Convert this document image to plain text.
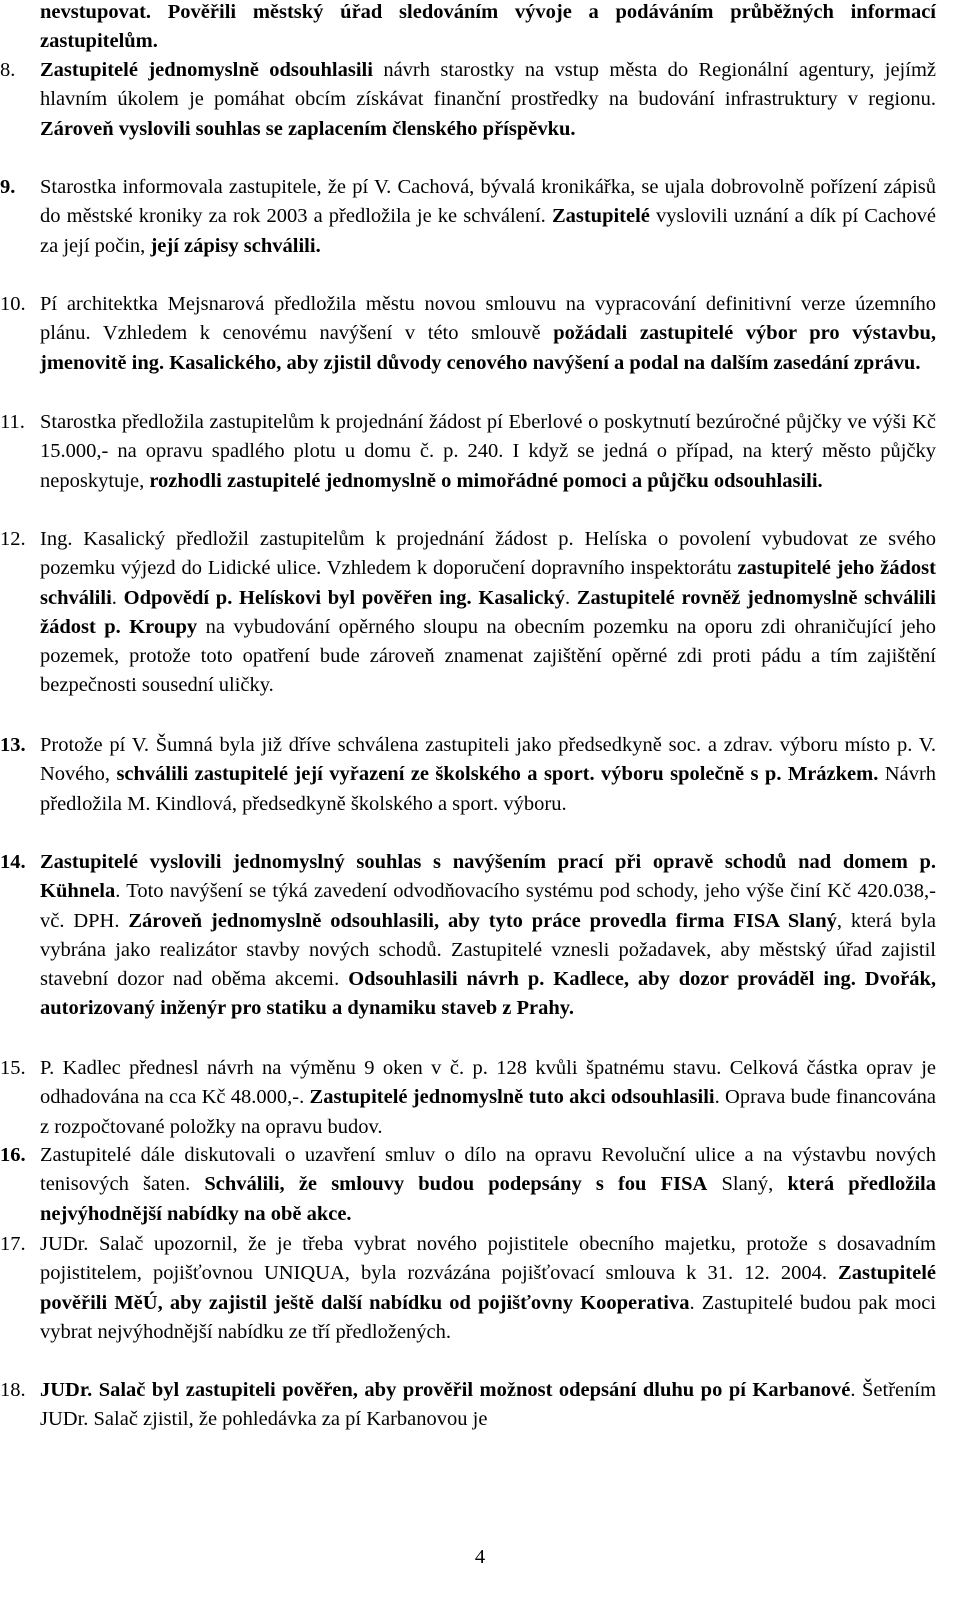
nevstupovat. Pověřili městský úřad sledováním vývoje a podáváním průběžných informací zastupitelům.
8.	Zastupitelé jednomyslně odsouhlasili návrh starostky na vstup města do Regionální agentury, jejímž hlavním úkolem je pomáhat obcím získávat finanční prostředky na budování infrastruktury v regionu. Zároveň vyslovili souhlas se zaplacením členského příspěvku.
9.	Starostka informovala zastupitele, že pí V. Cachová, bývalá kronikářka, se ujala dobrovolně pořízení zápisů do městské kroniky za rok 2003 a předložila je ke schválení. Zastupitelé vyslovili uznání a dík pí Cachové za její počin, její zápisy schválili.
10. Pí architektka Mejsnarová předložila městu novou smlouvu na vypracování definitivní verze územního plánu. Vzhledem k cenovému navýšení v této smlouvě požádali zastupitelé výbor pro výstavbu, jmenovitě ing. Kasalického, aby zjistil důvody cenového navýšení a podal na dalším zasedání zprávu.
11. Starostka předložila zastupitelům k projednání žádost pí Eberlové o poskytnutí bezúročné půjčky ve výši Kč 15.000,- na opravu spadlého plotu u domu č. p. 240. I když se jedná o případ, na který město půjčky neposkytuje, rozhodli zastupitelé jednomyslně o mimořádné pomoci a půjčku odsouhlasili.
12. Ing. Kasalický předložil zastupitelům k projednání žádost p. Helíska o povolení vybudovat ze svého pozemku výjezd do Lidické ulice. Vzhledem k doporučení dopravního inspektorátu zastupitelé jeho žádost schválili. Odpovědí p. Helískovi byl pověřen ing. Kasalický. Zastupitelé rovněž jednomyslně schválili žádost p. Kroupy na vybudování opěrného sloupu na obecním pozemku na oporu zdi ohraničující jeho pozemek, protože toto opatření bude zároveň znamenat zajištění opěrné zdi proti pádu a tím zajištění bezpečnosti sousední uličky.
13. Protože pí V. Šumná byla již dříve schválena zastupiteli jako předsedkyně soc. a zdrav. výboru místo p. V. Nového, schválili zastupitelé její vyřazení ze školského a sport. výboru společně s p. Mrázkem. Návrh předložila M. Kindlová, předsedkyně školského a sport. výboru.
14. Zastupitelé vyslovili jednomyslný souhlas s navýšením prací při opravě schodů nad domem p. Kühnela. Toto navýšení se týká zavedení odvodňovacího systému pod schody, jeho výše činí Kč 420.038,- vč. DPH. Zároveň jednomyslně odsouhlasili, aby tyto práce provedla firma FISA Slaný, která byla vybrána jako realizátor stavby nových schodů. Zastupitelé vznesli požadavek, aby městský úřad zajistil stavební dozor nad oběma akcemi. Odsouhlasili návrh p. Kadlece, aby dozor prováděl ing. Dvořák, autorizovaný inženýr pro statiku a dynamiku staveb z Prahy.
15. P. Kadlec přednesl návrh na výměnu 9 oken v č. p. 128 kvůli špatnému stavu. Celková částka oprav je odhadována na cca Kč 48.000,-. Zastupitelé jednomyslně tuto akci odsouhlasili. Oprava bude financována z rozpočtované položky na opravu budov.
16. Zastupitelé dále diskutovali o uzavření smluv o dílo na opravu Revoluční ulice a na výstavbu nových tenisových šaten. Schválili, že smlouvy budou podepsány s fou FISA Slaný, která předložila nejvýhodnější nabídky na obě akce.
17. JUDr. Salač upozornil, že je třeba vybrat nového pojistitele obecního majetku, protože s dosavadním pojistitelem, pojišťovnou UNIQUA, byla rozvázána pojišťovací smlouva k 31. 12. 2004. Zastupitelé pověřili MěÚ, aby zajistil ještě další nabídku od pojišťovny Kooperativa. Zastupitelé budou pak moci vybrat nejvýhodnější nabídku ze tří předložených.
18. JUDr. Salač byl zastupiteli pověřen, aby prověřil možnost odepsání dluhu po pí Karbanové. Šetřením JUDr. Salač zjistil, že pohledávka za pí Karbanovou je
4
